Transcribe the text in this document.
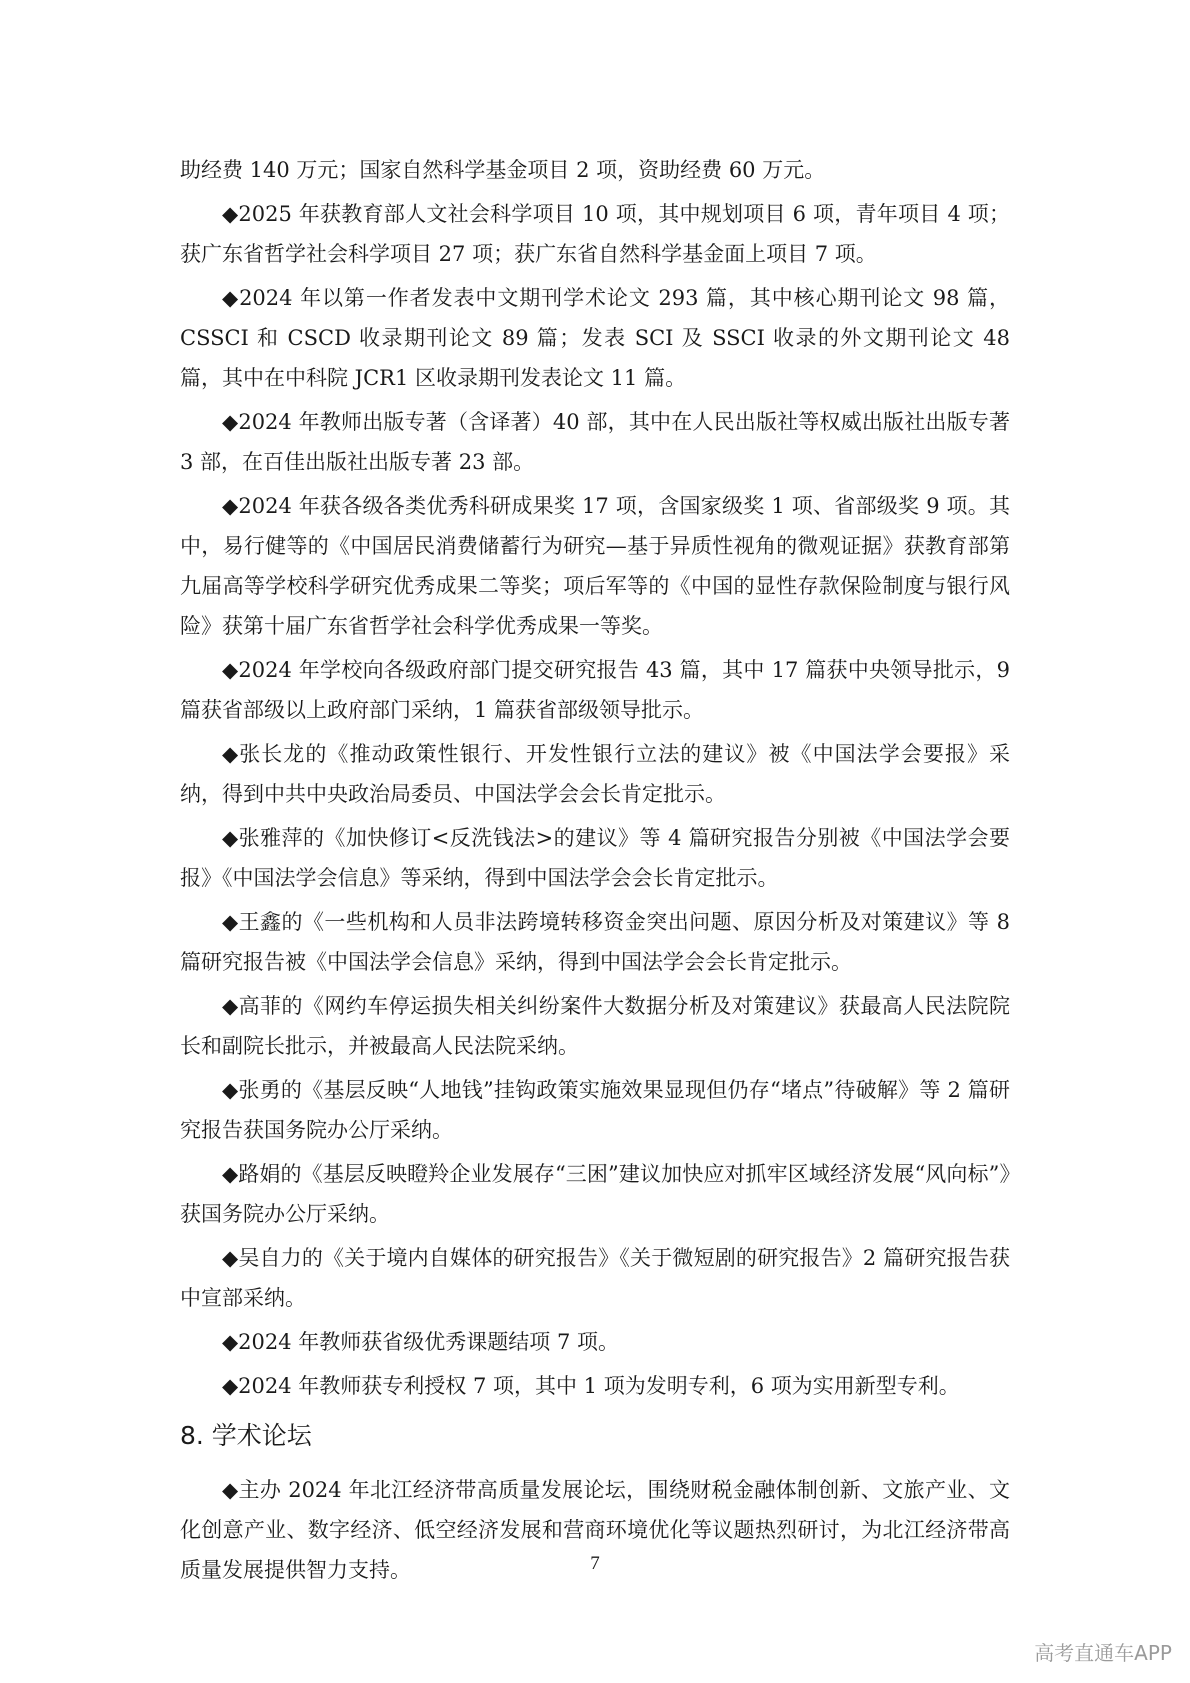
助经费 140 万元；国家自然科学基金项目 2 项，资助经费 60 万元。

◆2025 年获教育部人文社会科学项目 10 项，其中规划项目 6 项，青年项目 4 项；获广东省哲学社会科学项目 27 项；获广东省自然科学基金面上项目 7 项。

◆2024 年以第一作者发表中文期刊学术论文 293 篇，其中核心期刊论文 98 篇，CSSCI 和 CSCD 收录期刊论文 89 篇；发表 SCI 及 SSCI 收录的外文期刊论文 48 篇，其中在中科院 JCR1 区收录期刊发表论文 11 篇。

◆2024 年教师出版专著（含译著）40 部，其中在人民出版社等权威出版社出版专著 3 部，在百佳出版社出版专著 23 部。

◆2024 年获各级各类优秀科研成果奖 17 项，含国家级奖 1 项、省部级奖 9 项。其中，易行健等的《中国居民消费储蓄行为研究—基于异质性视角的微观证据》获教育部第九届高等学校科学研究优秀成果二等奖；项后军等的《中国的显性存款保险制度与银行风险》获第十届广东省哲学社会科学优秀成果一等奖。

◆2024 年学校向各级政府部门提交研究报告 43 篇，其中 17 篇获中央领导批示，9 篇获省部级以上政府部门采纳，1 篇获省部级领导批示。

◆张长龙的《推动政策性银行、开发性银行立法的建议》被《中国法学会要报》采纳，得到中共中央政治局委员、中国法学会会长肯定批示。

◆张雅萍的《加快修订<反洗钱法>的建议》等 4 篇研究报告分别被《中国法学会要报》《中国法学会信息》等采纳，得到中国法学会会长肯定批示。

◆王鑫的《一些机构和人员非法跨境转移资金突出问题、原因分析及对策建议》等 8 篇研究报告被《中国法学会信息》采纳，得到中国法学会会长肯定批示。

◆高菲的《网约车停运损失相关纠纷案件大数据分析及对策建议》获最高人民法院院长和副院长批示，并被最高人民法院采纳。

◆张勇的《基层反映“人地钱”挂钩政策实施效果显现但仍存“堵点”待破解》等 2 篇研究报告获国务院办公厅采纳。

◆路娟的《基层反映瞪羚企业发展存“三困”建议加快应对抓牢区域经济发展“风向标”》获国务院办公厅采纳。

◆吴自力的《关于境内自媒体的研究报告》《关于微短剧的研究报告》2 篇研究报告获中宣部采纳。

◆2024 年教师获省级优秀课题结项 7 项。

◆2024 年教师获专利授权 7 项，其中 1 项为发明专利，6 项为实用新型专利。

8. 学术论坛

◆主办 2024 年北江经济带高质量发展论坛，围绕财税金融体制创新、文旅产业、文化创意产业、数字经济、低空经济发展和营商环境优化等议题热烈研讨，为北江经济带高质量发展提供智力支持。	7
高考直通车APP
